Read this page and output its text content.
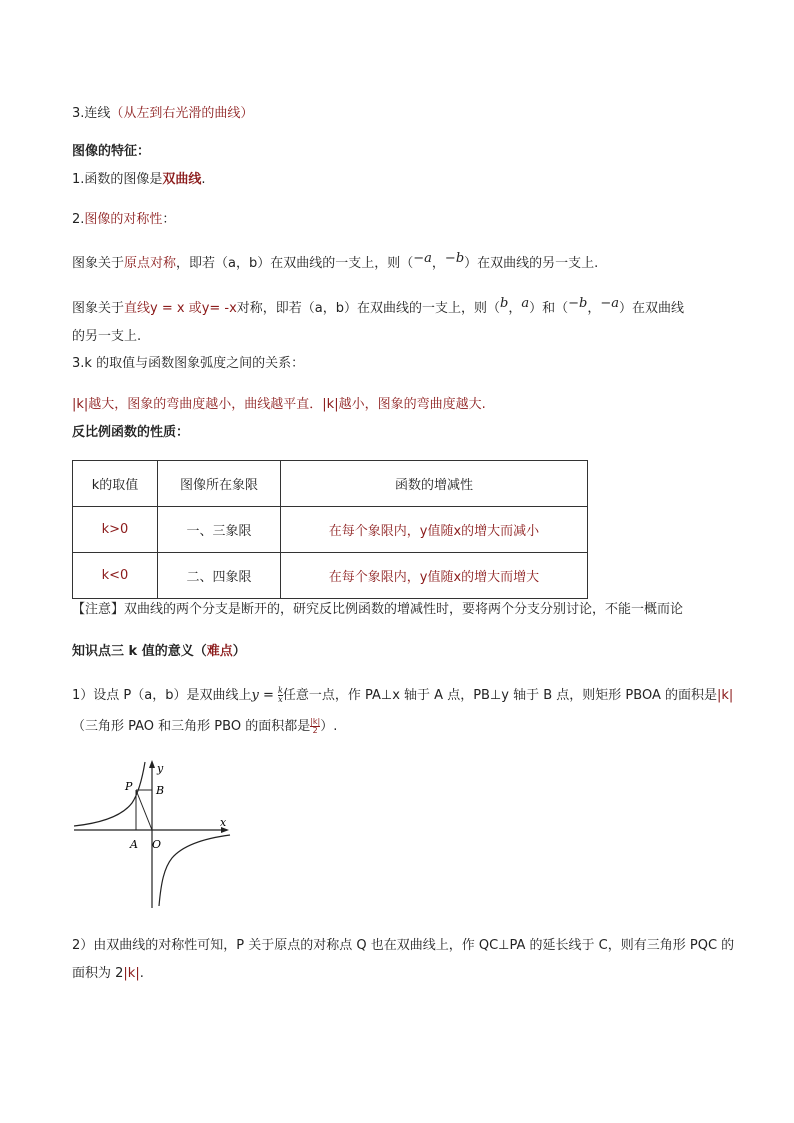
3.连线（从左到右光滑的曲线）
图像的特征：
1.函数的图像是双曲线.
2.图像的对称性：
图象关于原点对称，即若（a，b）在双曲线的一支上，则（−a，−b）在双曲线的另一支上.
图象关于直线y = x 或y= -x对称，即若（a，b）在双曲线的一支上，则（b，a）和（−b，−a）在双曲线
的另一支上.
3.k 的取值与函数图象弧度之间的关系：
|k|越大，图象的弯曲度越小，曲线越平直．|k|越小，图象的弯曲度越大.
反比例函数的性质：
k的取值	图像所在象限	函数的增减性
k>0	一、三象限	在每个象限内，y值随x的增大而减小
k<0	二、四象限	在每个象限内，y值随x的增大而增大
【注意】双曲线的两个分支是断开的，研究反比例函数的增减性时，要将两个分支分别讨论，不能一概而论
知识点三 k 值的意义（难点）
1）设点 P（a，b）是双曲线上$y = \frac{k}{x}$ 任意一点，作 PA⊥x 轴于 A 点，PB⊥y 轴于 B 点，则矩形 PBOA 的面积是|k|
（三角形 PAO 和三角形 PBO 的面积都是 $\frac{|k|}{2}$ ）.
x
y
P B
A O
2）由双曲线的对称性可知，P 关于原点的对称点 Q 也在双曲线上，作 QC⊥PA 的延长线于 C，则有三角形 PQC 的
面积为 2|k|.
